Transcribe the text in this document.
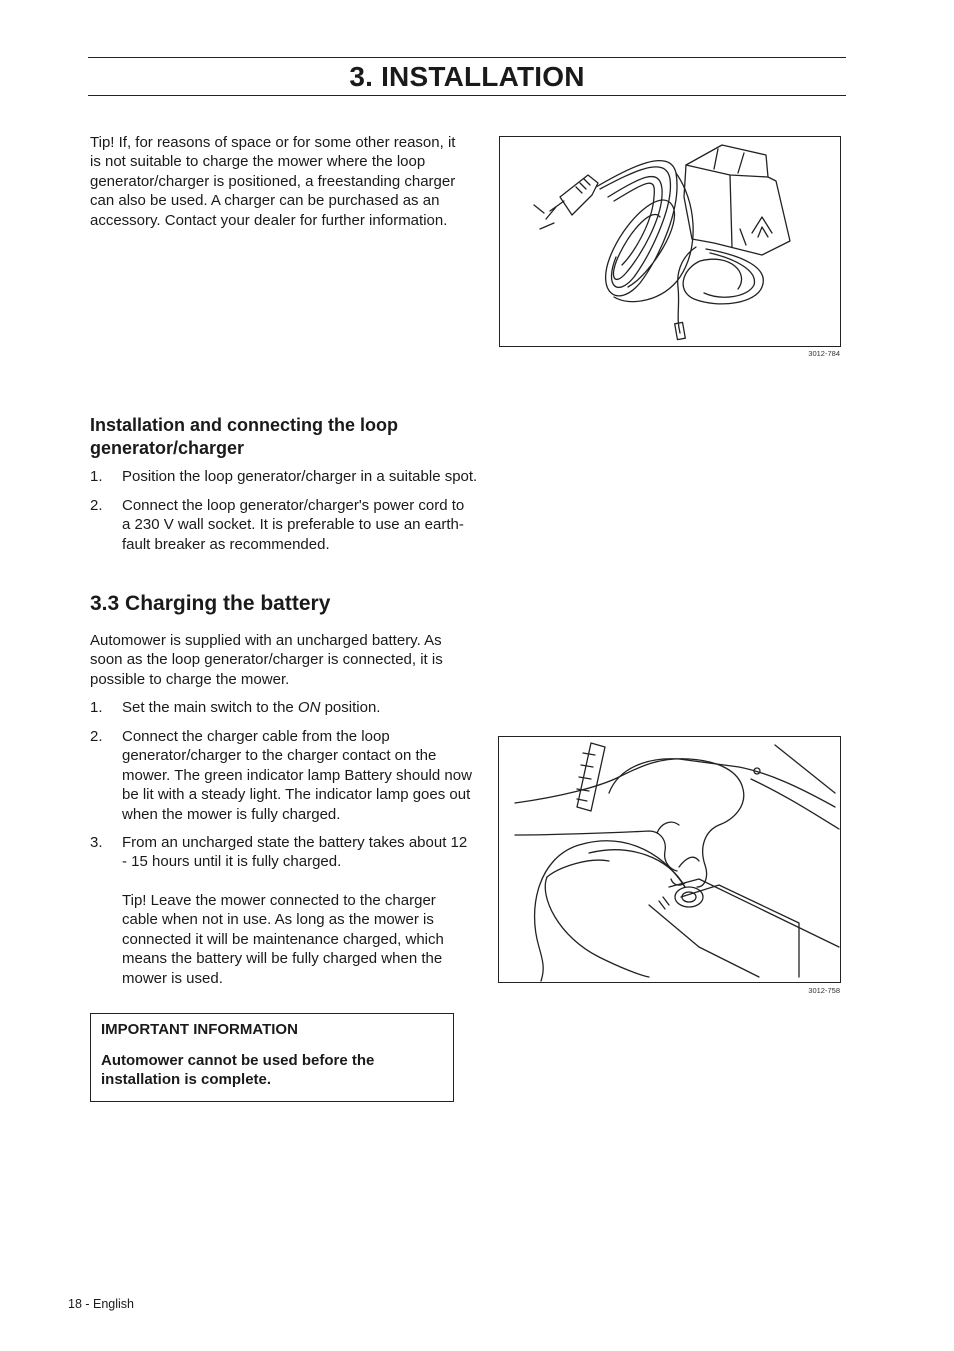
3. INSTALLATION
Tip! If, for reasons of space or for some other reason, it is not suitable to charge the mower where the loop generator/charger is positioned, a freestanding charger can also be used. A charger can be purchased as an accessory. Contact your dealer for further information.
3012-784
Installation and connecting the loop
generator/charger
1. Position the loop generator/charger in a suitable spot.
2. Connect the loop generator/charger's power cord to a 230 V wall socket. It is preferable to use an earth-fault breaker as recommended.
3.3 Charging the battery
Automower is supplied with an uncharged battery. As soon as the loop generator/charger is connected, it is possible to charge the mower.
1. Set the main switch to the ON position.
2. Connect the charger cable from the loop generator/charger to the charger contact on the mower. The green indicator lamp Battery should now be lit with a steady light. The indicator lamp goes out when the mower is fully charged.
3. From an uncharged state the battery takes about 12 - 15 hours until it is fully charged.
Tip! Leave the mower connected to the charger cable when not in use. As long as the mower is connected it will be maintenance charged, which means the battery will be fully charged when the mower is used.
3012-758
IMPORTANT INFORMATION
Automower cannot be used before the installation is complete.
18 - English
